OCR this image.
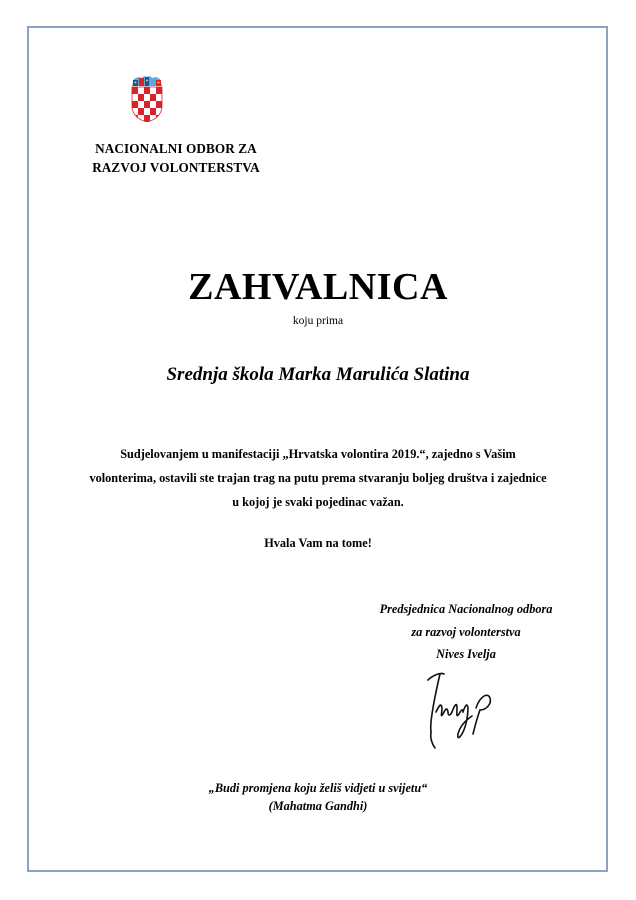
NACIONALNI ODBOR ZA
RAZVOJ VOLONTERSTVA
ZAHVALNICA
koju prima
Srednja škola Marka Marulića Slatina
Sudjelovanjem u manifestaciji „Hrvatska volontira 2019.“, zajedno s Vašim
volonterima, ostavili ste trajan trag na putu prema stvaranju boljeg društva i zajednice
u kojoj je svaki pojedinac važan.
Hvala Vam na tome!
Predsjednica Nacionalnog odbora
za razvoj volonterstva
Nives Ivelja
„Budi promjena koju želiš vidjeti u svijetu“
(Mahatma Gandhi)
